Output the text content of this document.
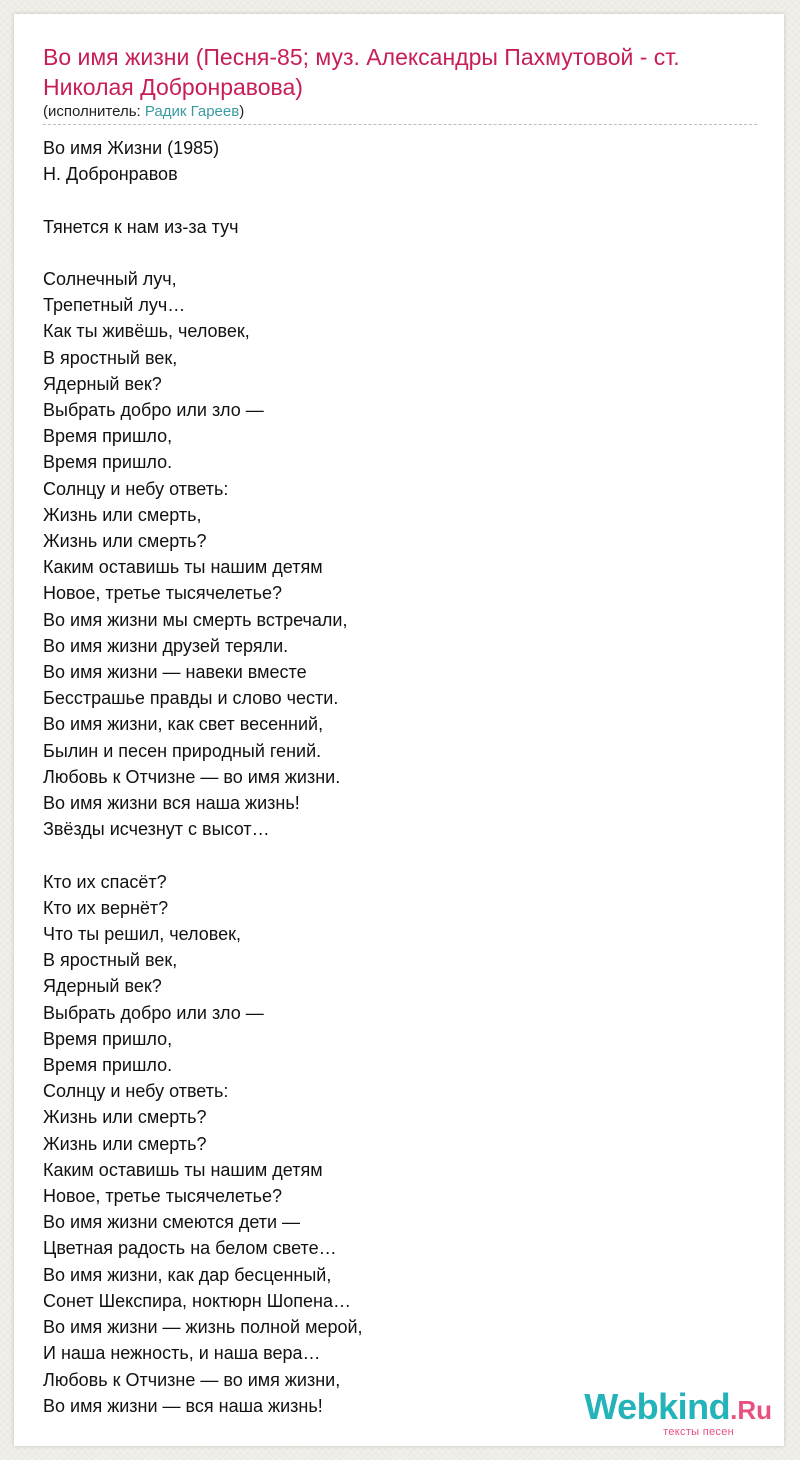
Во имя жизни (Песня-85; муз. Александры Пахмутовой - ст. Николая Добронравова)
(исполнитель: Радик Гареев)
Во имя Жизни (1985)
Н. Добронравов
Тянется к нам из-за туч
Солнечный луч,
Трепетный луч…
Как ты живёшь, человек,
В яростный век,
Ядерный век?
Выбрать добро или зло —
Время пришло,
Время пришло.
Солнцу и небу ответь:
Жизнь или смерть,
Жизнь или смерть?
Каким оставишь ты нашим детям
Новое, третье тысячелетье?
Во имя жизни мы смерть встречали,
Во имя жизни друзей теряли.
Во имя жизни — навеки вместе
Бесстрашье правды и слово чести.
Во имя жизни, как свет весенний,
Былин и песен природный гений.
Любовь к Отчизне — во имя жизни.
Во имя жизни вся наша жизнь!
Звёзды исчезнут с высот…
Кто их спасёт?
Кто их вернёт?
Что ты решил, человек,
В яростный век,
Ядерный век?
Выбрать добро или зло —
Время пришло,
Время пришло.
Солнцу и небу ответь:
Жизнь или смерть?
Жизнь или смерть?
Каким оставишь ты нашим детям
Новое, третье тысячелетье?
Во имя жизни смеются дети —
Цветная радость на белом свете…
Во имя жизни, как дар бесценный,
Сонет Шекспира, ноктюрн Шопена…
Во имя жизни — жизнь полной мерой,
И наша нежность, и наша вера…
Любовь к Отчизне — во имя жизни,
Во имя жизни — вся наша жизнь!	Webkind.Ru
тексты песен
